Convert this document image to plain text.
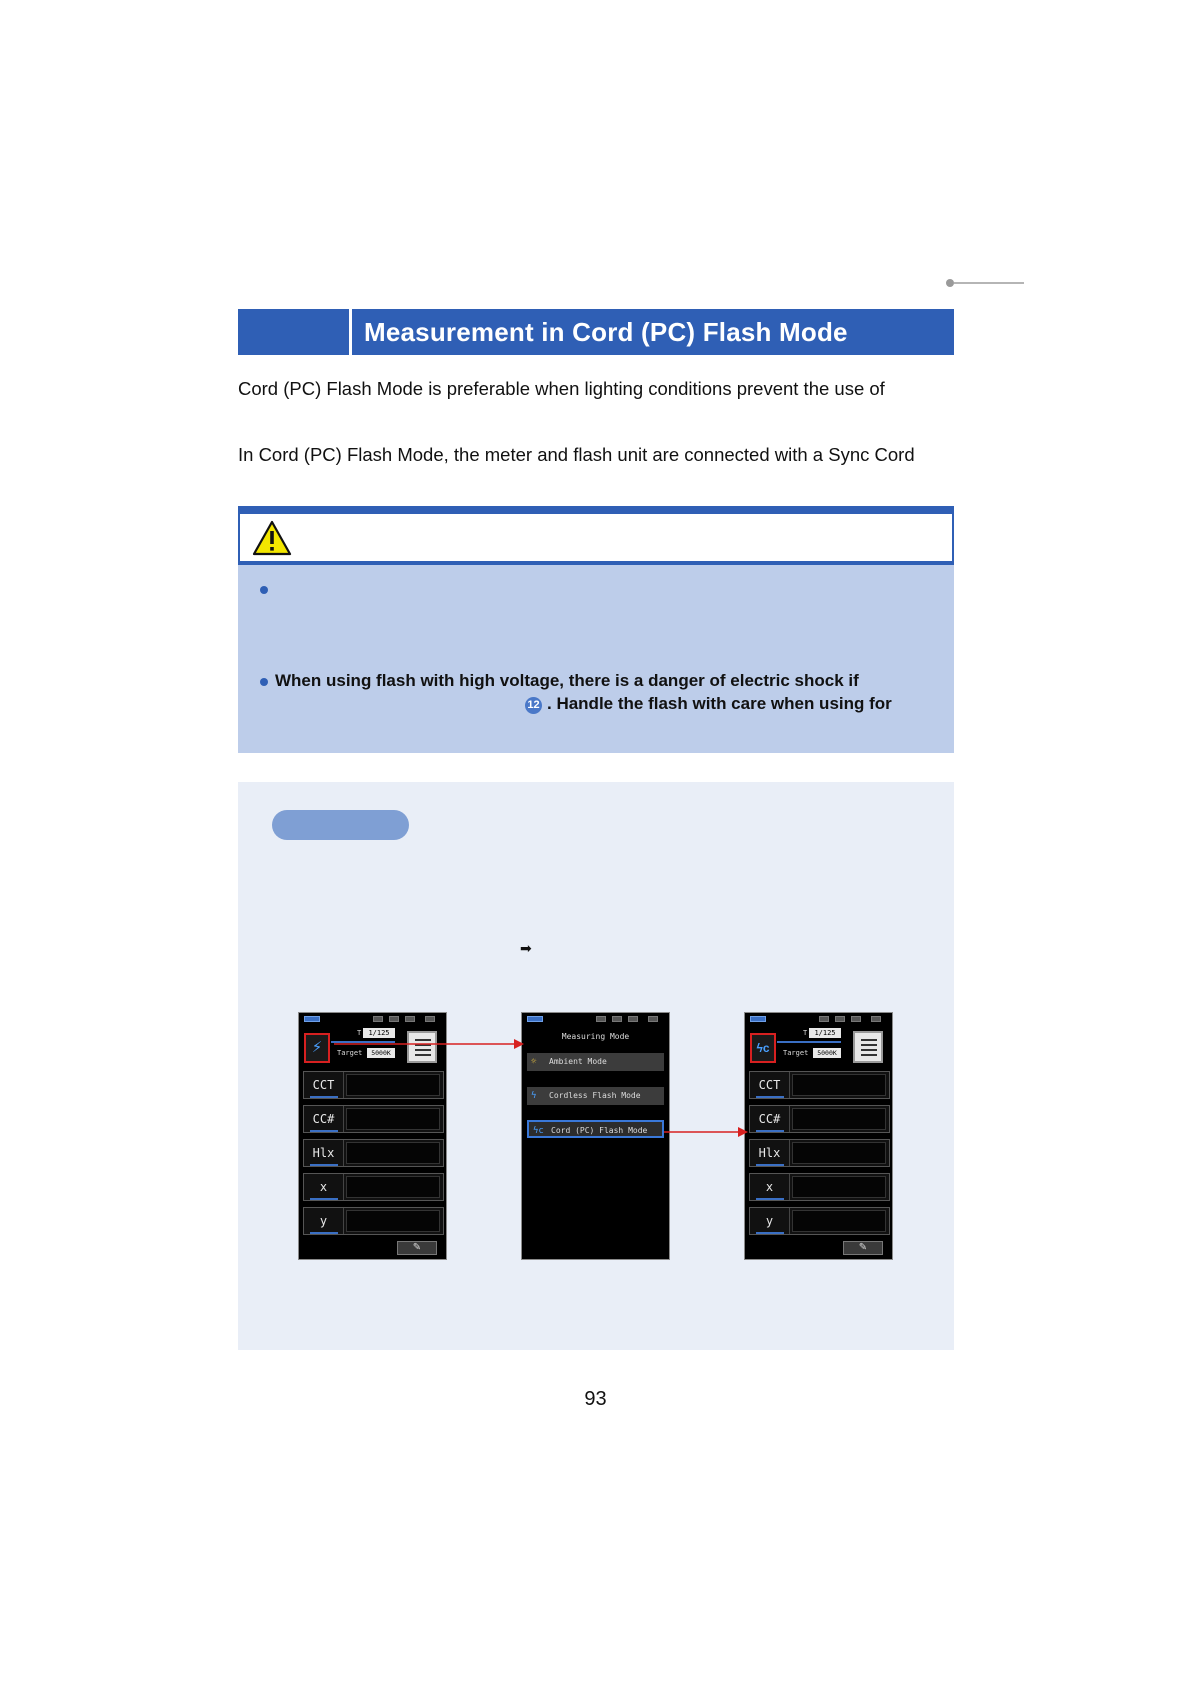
Measurement in Cord (PC) Flash Mode
Cord (PC) Flash Mode is preferable when lighting conditions prevent the use of
In Cord (PC) Flash Mode, the meter and flash unit are connected with a Sync Cord
When using flash with high voltage, there is a danger of electric shock if
12 . Handle the flash with care when using for
➡
⚡
T	1/125
Target	5000K
CCT
CC#
Hlx
x
y
✎
Measuring Mode
☼ Ambient Mode
ϟ Cordless Flash Mode
ϟc Cord (PC) Flash Mode
ϟc
T	1/125
Target	5000K
CCT
CC#
Hlx
x
y
✎
93
